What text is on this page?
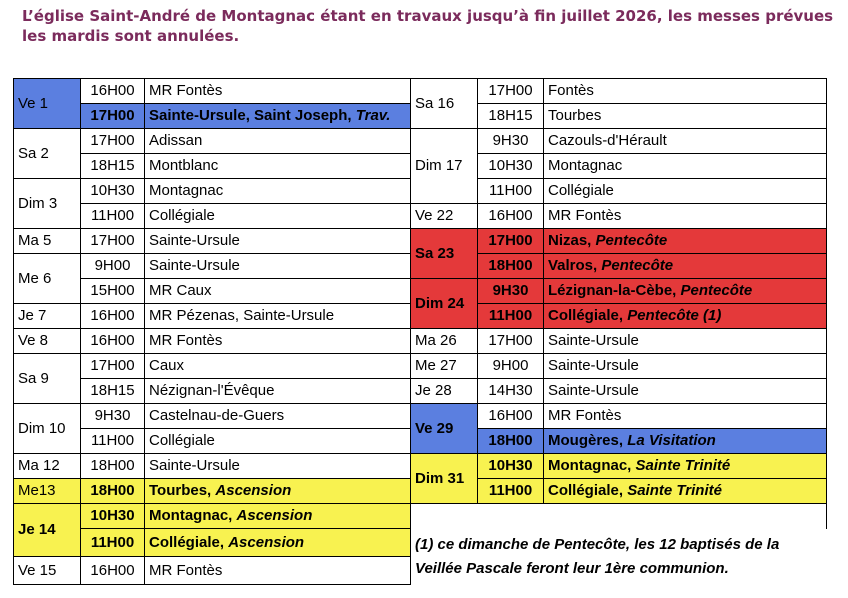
L’église Saint-André de Montagnac étant en travaux jusqu’à fin juillet 2026, les messes prévues les mardis sont annulées.
Ve 1	16H00	MR Fontès	Sa 16	17H00	Fontès
	17H00	Sainte-Ursule, Saint Joseph, Trav.		18H15	Tourbes
Sa 2	17H00	Adissan	Dim 17	9H30	Cazouls-d'Hérault
	18H15	Montblanc		10H30	Montagnac
Dim 3	10H30	Montagnac		11H00	Collégiale
	11H00	Collégiale	Ve 22	16H00	MR Fontès
Ma 5	17H00	Sainte-Ursule	Sa 23	17H00	Nizas, Pentecôte
Me 6	9H00	Sainte-Ursule		18H00	Valros, Pentecôte
	15H00	MR Caux	Dim 24	9H30	Lézignan-la-Cèbe, Pentecôte
Je 7	16H00	MR Pézenas, Sainte-Ursule		11H00	Collégiale, Pentecôte (1)
Ve 8	16H00	MR Fontès	Ma 26	17H00	Sainte-Ursule
Sa 9	17H00	Caux	Me 27	9H00	Sainte-Ursule
	18H15	Nézignan-l'Évêque	Je 28	14H30	Sainte-Ursule
Dim 10	9H30	Castelnau-de-Guers	Ve 29	16H00	MR Fontès
	11H00	Collégiale		18H00	Mougères, La Visitation
Ma 12	18H00	Sainte-Ursule	Dim 31	10H30	Montagnac, Sainte Trinité
Me13	18H00	Tourbes, Ascension		11H00	Collégiale, Sainte Trinité
Je 14	10H30	Montagnac, Ascension			
	11H00	Collégiale, Ascension	(1) ce dimanche de Pentecôte, les 12 baptisés de la Veillée Pascale feront leur 1ère communion.		
Ve 15	16H00	MR Fontès			
